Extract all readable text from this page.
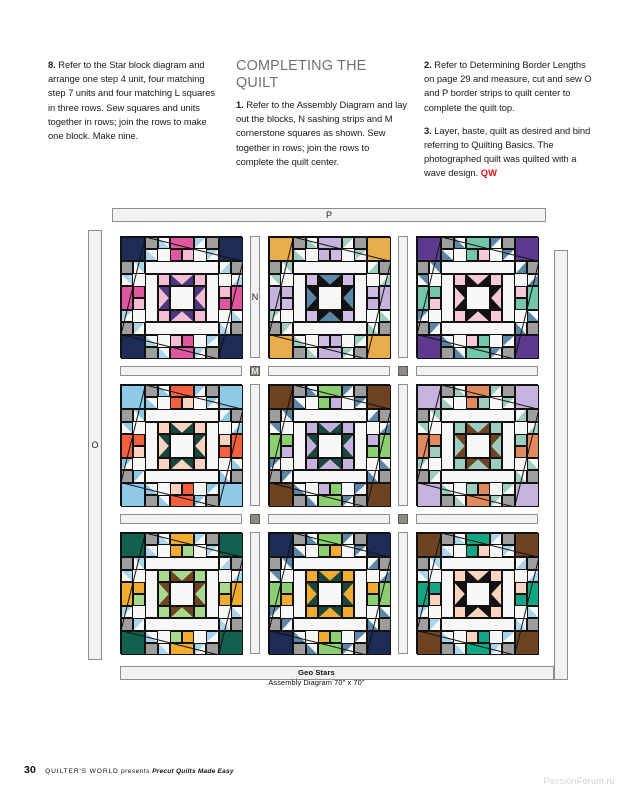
8. Refer to the Star block diagram and arrange one step 4 unit, four matching step 7 units and four matching L squares in three rows. Sew squares and units together in rows; join the rows to make one block. Make nine.

COMPLETING THE QUILT

1. Refer to the Assembly Diagram and lay out the blocks, N sashing strips and M cornerstone squares as shown. Sew together in rows; join the rows to complete the quilt center.

2. Refer to Determining Border Lengths on page 29 and measure, cut and sew O and P border strips to quilt center to complete the quilt top.

3. Layer, baste, quilt as desired and bind referring to Quilting Basics. The photographed quilt was quilted with a wave design. QW

P
O
N
M
Geo Stars
Assembly Diagram 70" x 70"
30 QUILTER'S WORLD presents Precut Quilts Made Easy
PassionForum.ru
